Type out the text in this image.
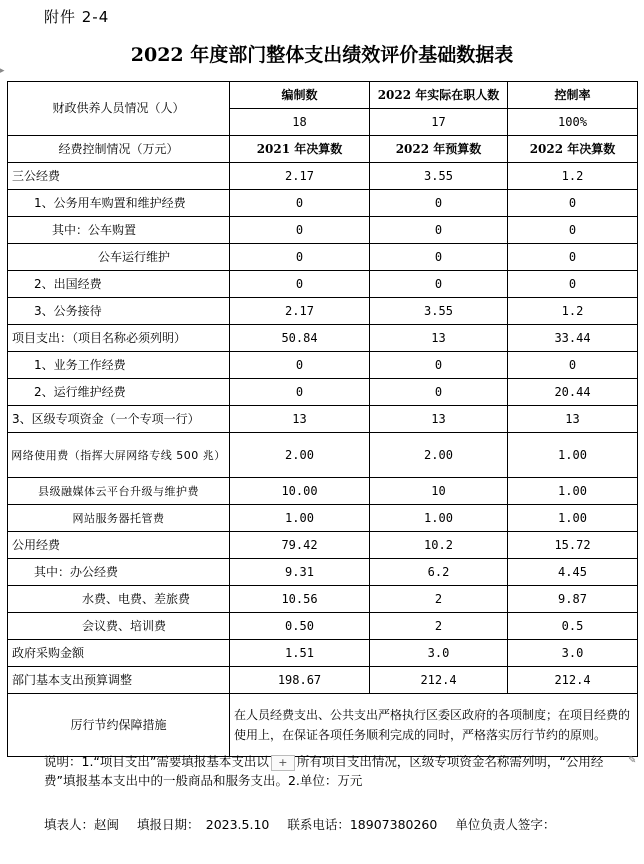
附件 2-4
2022 年度部门整体支出绩效评价基础数据表
▸
财政供养人员情况（人）	编制数	2022 年实际在职人数	控制率
	18	17	100%
经费控制情况（万元）	2021 年决算数	2022 年预算数	2022 年决算数
三公经费	2.17	3.55	1.2
1、公务用车购置和维护经费	0	0	0
其中：公车购置	0	0	0
公车运行维护	0	0	0
2、出国经费	0	0	0
3、公务接待	2.17	3.55	1.2
项目支出：（项目名称必须列明）	50.84	13	33.44
1、业务工作经费	0	0	0
2、运行维护经费	0	0	20.44
3、区级专项资金（一个专项一行）	13	13	13
网络使用费（指挥大屏网络专线 500 兆）	2.00	2.00	1.00
县级融媒体云平台升级与维护费	10.00	10	1.00
网站服务器托管费	1.00	1.00	1.00
公用经费	79.42	10.2	15.72
其中：办公经费	9.31	6.2	4.45
水费、电费、差旅费	10.56	2	9.87
会议费、培训费	0.50	2	0.5
政府采购金额	1.51	3.0	3.0
部门基本支出预算调整	198.67	212.4	212.4
厉行节约保障措施	在人员经费支出、公共支出严格执行区委区政府的各项制度；在项目经费的使用上，在保证各项任务顺利完成的同时，严格落实厉行节约的原则。		
说明：1.“项目支出”需要填报基本支出以 + 所有项目支出情况，区级专项资金名称需列明，“公用经费”填报基本支出中的一般商品和服务支出。2.单位：万元
✎
填表人：赵闽 填报日期：　2023.5.10 联系电话：18907380260 单位负责人签字：
